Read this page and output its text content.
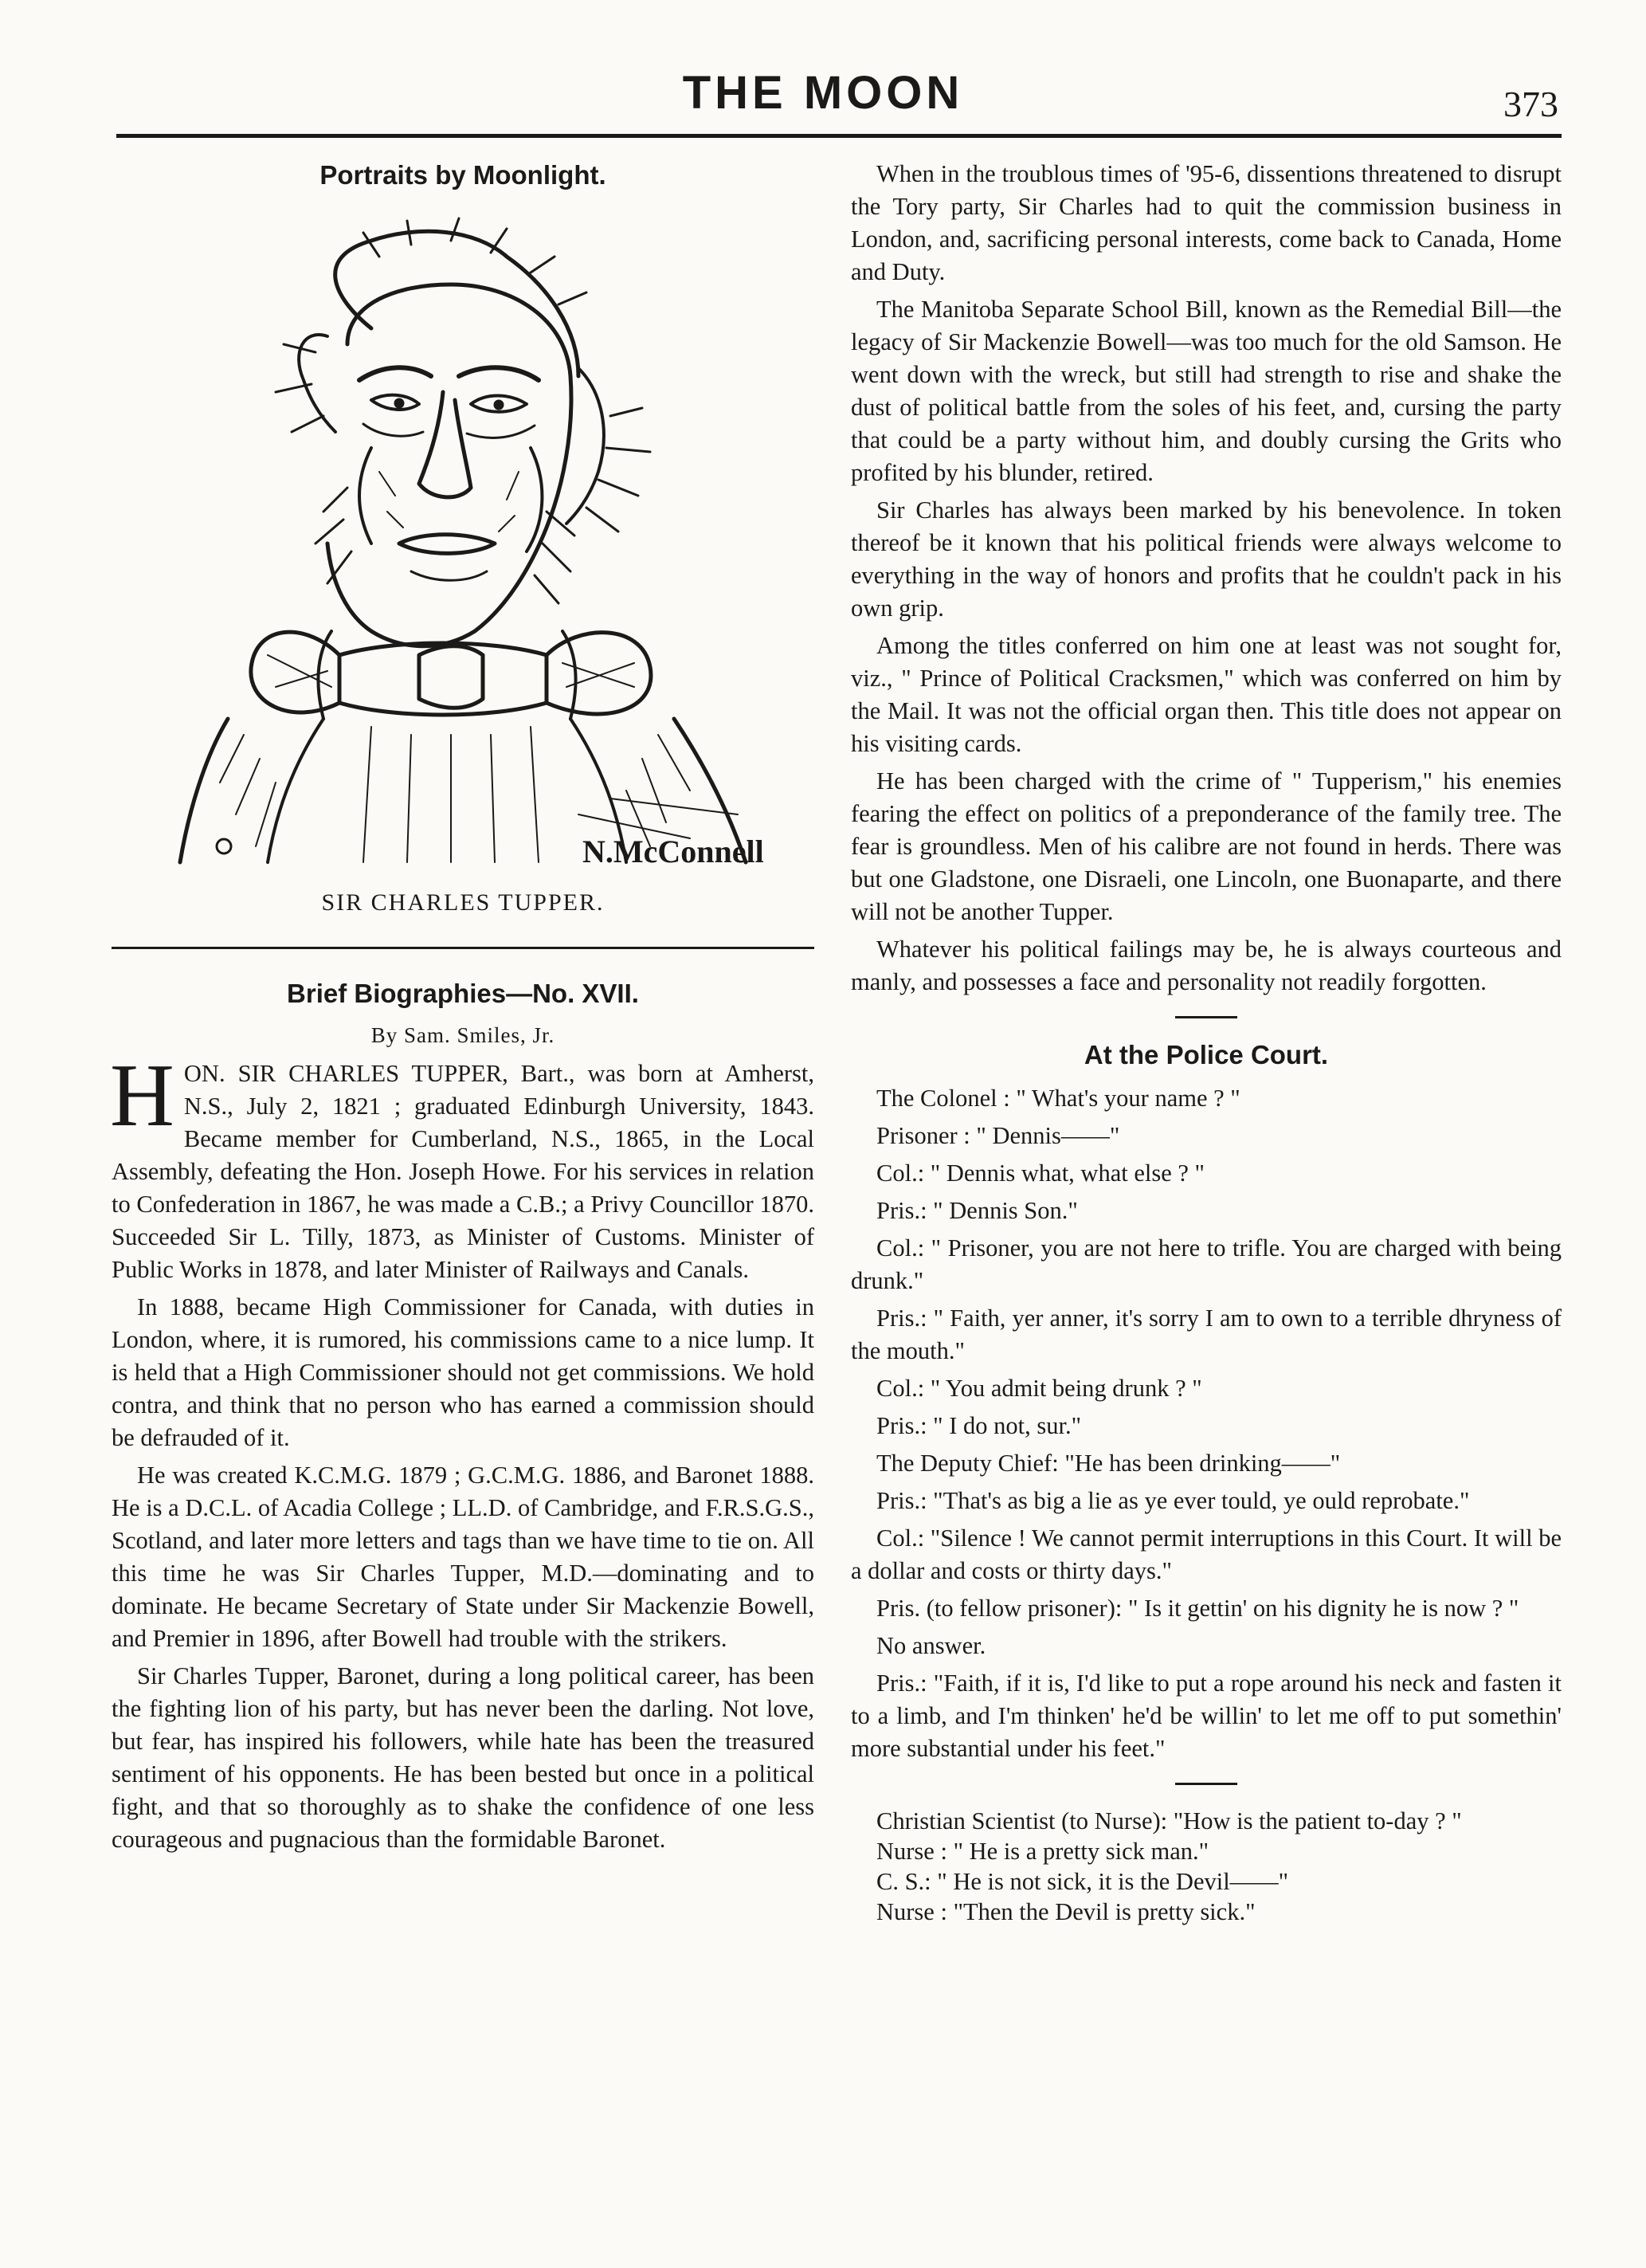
THE MOON	373
Portraits by Moonlight.
N.McConnell
SIR CHARLES TUPPER.
Brief Biographies—No. XVII.
By Sam. Smiles, Jr.

HON. SIR CHARLES TUPPER, Bart., was born at Amherst, N.S., July 2, 1821 ; graduated Edinburgh University, 1843. Became member for Cumberland, N.S., 1865, in the Local Assembly, defeating the Hon. Joseph Howe. For his services in relation to Confederation in 1867, he was made a C.B.; a Privy Councillor 1870. Succeeded Sir L. Tilly, 1873, as Minister of Customs. Minister of Public Works in 1878, and later Minister of Railways and Canals.

In 1888, became High Commissioner for Canada, with duties in London, where, it is rumored, his commissions came to a nice lump. It is held that a High Commissioner should not get commissions. We hold contra, and think that no person who has earned a commission should be defrauded of it.

He was created K.C.M.G. 1879 ; G.C.M.G. 1886, and Baronet 1888. He is a D.C.L. of Acadia College ; LL.D. of Cambridge, and F.R.S.G.S., Scotland, and later more letters and tags than we have time to tie on. All this time he was Sir Charles Tupper, M.D.—dominating and to dominate. He became Secretary of State under Sir Mackenzie Bowell, and Premier in 1896, after Bowell had trouble with the strikers.

Sir Charles Tupper, Baronet, during a long political career, has been the fighting lion of his party, but has never been the darling. Not love, but fear, has inspired his followers, while hate has been the treasured sentiment of his opponents. He has been bested but once in a political fight, and that so thoroughly as to shake the confidence of one less courageous and pugnacious than the formidable Baronet.

When in the troublous times of '95-6, dissentions threatened to disrupt the Tory party, Sir Charles had to quit the commission business in London, and, sacrificing personal interests, come back to Canada, Home and Duty.

The Manitoba Separate School Bill, known as the Remedial Bill—the legacy of Sir Mackenzie Bowell—was too much for the old Samson. He went down with the wreck, but still had strength to rise and shake the dust of political battle from the soles of his feet, and, cursing the party that could be a party without him, and doubly cursing the Grits who profited by his blunder, retired.

Sir Charles has always been marked by his benevolence. In token thereof be it known that his political friends were always welcome to everything in the way of honors and profits that he couldn't pack in his own grip.

Among the titles conferred on him one at least was not sought for, viz., " Prince of Political Cracksmen," which was conferred on him by the Mail. It was not the official organ then. This title does not appear on his visiting cards.

He has been charged with the crime of " Tupperism," his enemies fearing the effect on politics of a preponderance of the family tree. The fear is groundless. Men of his calibre are not found in herds. There was but one Gladstone, one Disraeli, one Lincoln, one Buonaparte, and there will not be another Tupper.

Whatever his political failings may be, he is always courteous and manly, and possesses a face and personality not readily forgotten.

At the Police Court.

The Colonel : " What's your name ? "

Prisoner : " Dennis——"

Col.: " Dennis what, what else ? "

Pris.: " Dennis Son."

Col.: " Prisoner, you are not here to trifle. You are charged with being drunk."

Pris.: " Faith, yer anner, it's sorry I am to own to a terrible dhryness of the mouth."

Col.: " You admit being drunk ? "

Pris.: " I do not, sur."

The Deputy Chief: "He has been drinking——"

Pris.: "That's as big a lie as ye ever tould, ye ould reprobate."

Col.: "Silence ! We cannot permit interruptions in this Court. It will be a dollar and costs or thirty days."

Pris. (to fellow prisoner): " Is it gettin' on his dignity he is now ? "

No answer.

Pris.: "Faith, if it is, I'd like to put a rope around his neck and fasten it to a limb, and I'm thinken' he'd be willin' to let me off to put somethin' more substantial under his feet."

Christian Scientist (to Nurse): "How is the patient to-day ? "

Nurse : " He is a pretty sick man."

C. S.: " He is not sick, it is the Devil——"

Nurse : "Then the Devil is pretty sick."
